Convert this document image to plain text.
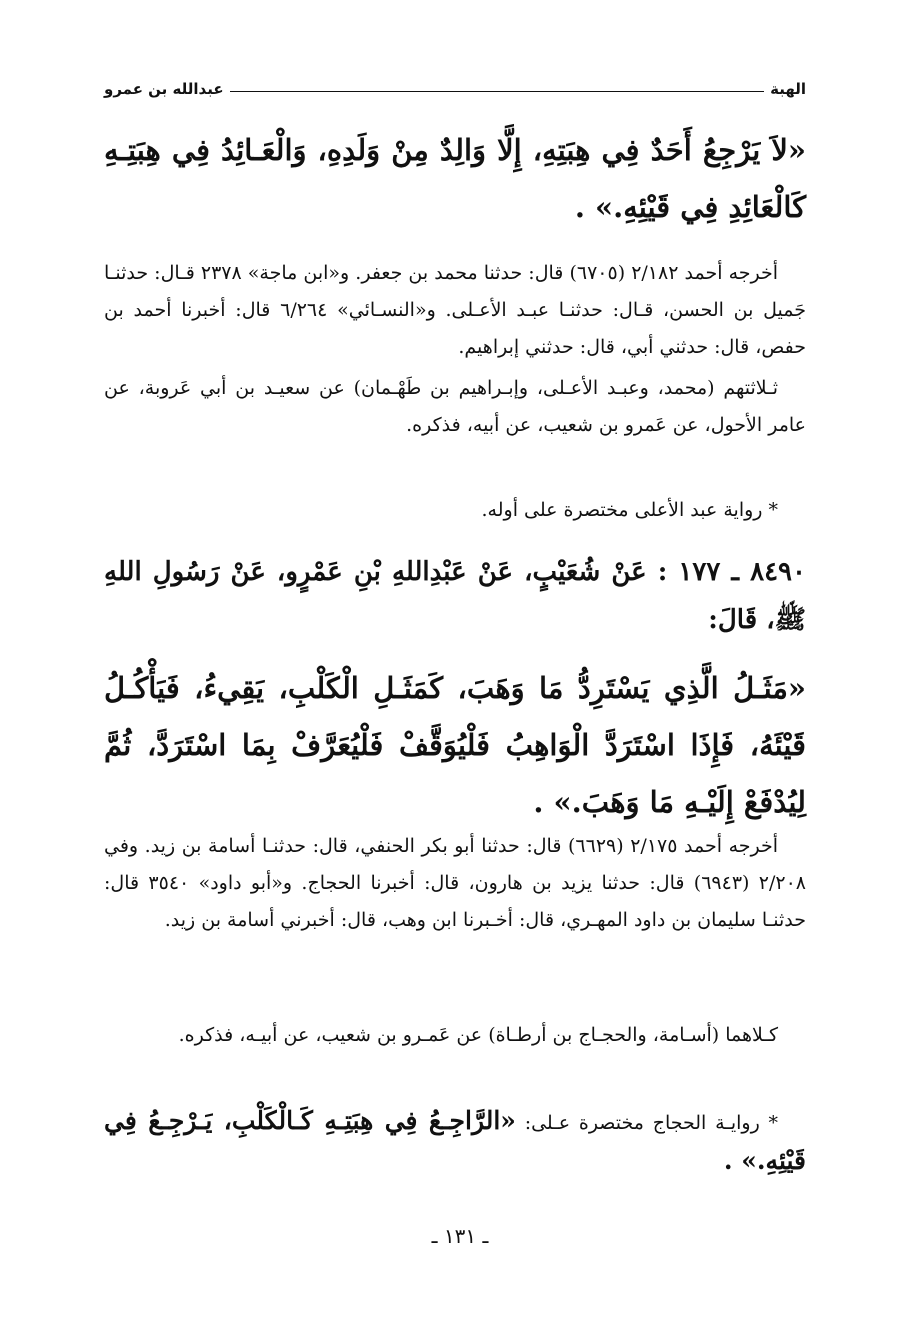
الهبة
عبدالله بن عمرو

«لاَ يَرْجِعُ أَحَدٌ فِي هِبَتِهِ، إِلَّا وَالِدٌ مِنْ وَلَدِهِ، وَالْعَـائِدُ فِي هِبَتِـهِ كَالْعَائِدِ فِي قَيْئِهِ.» .

أخرجه أحمد ٢/١٨٢ (٦٧٠٥) قال: حدثنا محمد بن جعفر. و«ابن ماجة» ٢٣٧٨ قـال: حدثنـا جَميل بن الحسن، قـال: حدثنـا عبـد الأعـلى. و«النسـائي» ٦/٢٦٤ قال: أخبرنا أحمد بن حفص، قال: حدثني أبي، قال: حدثني إبراهيم.

ثـلاثتهم (محمد، وعبـد الأعـلى، وإبـراهيم بن طَهْـمان) عن سعيـد بن أبي عَروبة، عن عامر الأحول، عن عَمرو بن شعيب، عن أبيه، فذكره.

* رواية عبد الأعلى مختصرة على أوله.

٨٤٩٠ ـ ١٧٧ : عَنْ شُعَيْبٍ، عَنْ عَبْدِاللهِ بْنِ عَمْرٍو، عَنْ رَسُولِ اللهِ ﷺ، قَالَ:

«مَثَـلُ الَّذِي يَسْتَرِدُّ مَا وَهَبَ، كَمَثَـلِ الْكَلْبِ، يَقِيءُ، فَيَأْكُـلُ قَيْئَهُ، فَإِذَا اسْتَرَدَّ الْوَاهِبُ فَلْيُوَقَّفْ فَلْيُعَرَّفْ بِمَا اسْتَرَدَّ، ثُمَّ لِيُدْفَعْ إِلَيْـهِ مَا وَهَبَ.» .

أخرجه أحمد ٢/١٧٥ (٦٦٢٩) قال: حدثنا أبو بكر الحنفي، قال: حدثنـا أسامة بن زيد. وفي ٢/٢٠٨ (٦٩٤٣) قال: حدثنا يزيد بن هارون، قال: أخبرنا الحجاج. و«أبو داود» ٣٥٤٠ قال: حدثنـا سليمان بن داود المهـري، قال: أخـبرنا ابن وهب، قال: أخبرني أسامة بن زيد.

كـلاهما (أسـامة، والحجـاج بن أرطـاة) عن عَمـرو بن شعيب، عن أبيـه، فذكره.

* روايـة الحجاج مختصرة عـلى: «الرَّاجِـعُ فِي هِبَتِـهِ كَـالْكَلْبِ، يَـرْجِـعُ فِي قَيْئِهِ.» .

ـ ١٣١ ـ
